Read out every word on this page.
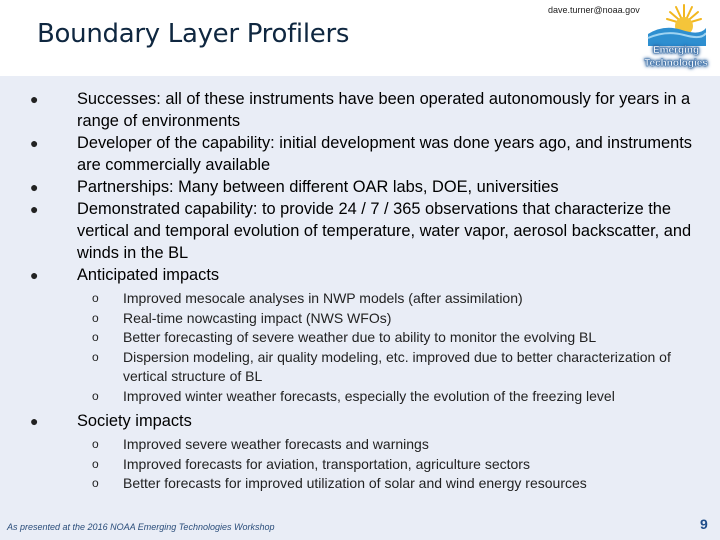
Boundary Layer Profilers
dave.turner@noaa.gov
Emerging
Technologies
● Successes: all of these instruments have been operated autonomously for years in a range of environments
● Developer of the capability: initial development was done years ago, and instruments are commercially available
● Partnerships: Many between different OAR labs, DOE, universities
● Demonstrated capability: to provide 24 / 7 / 365 observations that characterize the vertical and temporal evolution of temperature, water vapor, aerosol backscatter, and winds in the BL
● Anticipated impacts
o Improved mesocale analyses in NWP models (after assimilation)
o Real-time nowcasting impact (NWS WFOs)
o Better forecasting of severe weather due to ability to monitor the evolving BL
o Dispersion modeling, air quality modeling, etc. improved due to better characterization of vertical structure of BL
o Improved winter weather forecasts, especially the evolution of the freezing level
● Society impacts
o Improved severe weather forecasts and warnings
o Improved forecasts for aviation, transportation, agriculture sectors
o Better forecasts for improved utilization of solar and wind energy resources
As presented at the 2016 NOAA Emerging Technologies Workshop	9
